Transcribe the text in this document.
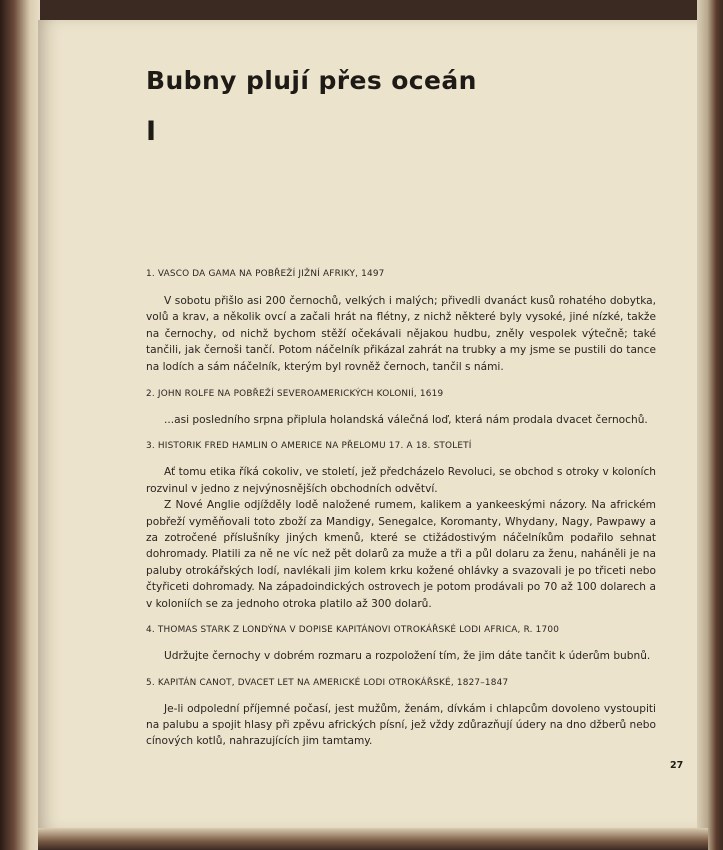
Bubny plují přes oceán
I

1. VASCO DA GAMA NA POBŘEŽÍ JIŽNÍ AFRIKY, 1497

V sobotu přišlo asi 200 černochů, velkých i malých; přivedli dvanáct kusů rohatého dobytka, volů a krav, a několik ovcí a začali hrát na flétny, z nichž některé byly vysoké, jiné nízké, takže na černochy, od nichž bychom stěží očekávali nějakou hudbu, zněly vespolek výtečně; také tančili, jak černoši tančí. Potom náčelník přikázal zahrát na trubky a my jsme se pustili do tance na lodích a sám náčelník, kterým byl rovněž černoch, tančil s námi.

2. JOHN ROLFE NA POBŘEŽÍ SEVEROAMERICKÝCH KOLONIÍ, 1619

...asi posledního srpna připlula holandská válečná loď, která nám prodala dvacet černochů.

3. HISTORIK FRED HAMLIN O AMERICE NA PŘELOMU 17. A 18. STOLETÍ

Ať tomu etika říká cokoliv, ve století, jež předcházelo Revoluci, se obchod s otroky v koloních rozvinul v jedno z nejvýnosnějších obchodních odvětví.

Z Nové Anglie odjížděly lodě naložené rumem, kalikem a yankeeskými názory. Na africkém pobřeží vyměňovali toto zboží za Mandigy, Senegalce, Koromanty, Whydany, Nagy, Pawpawy a za zotročené příslušníky jiných kmenů, které se ctižádostivým náčelníkům podařilo sehnat dohromady. Platili za ně ne víc než pět dolarů za muže a tři a půl dolaru za ženu, naháněli je na paluby otrokářských lodí, navlékali jim kolem krku kožené ohlávky a svazovali je po třiceti nebo čtyřiceti dohromady. Na západoindických ostrovech je potom prodávali po 70 až 100 dolarech a v koloniích se za jednoho otroka platilo až 300 dolarů.

4. THOMAS STARK Z LONDÝNA V DOPISE KAPITÁNOVI OTROKÁŘSKÉ LODI AFRICA, R. 1700

Udržujte černochy v dobrém rozmaru a rozpoložení tím, že jim dáte tančit k úderům bubnů.

5. KAPITÁN CANOT, DVACET LET NA AMERICKÉ LODI OTROKÁŘSKÉ, 1827–1847

Je-li odpolední příjemné počasí, jest mužům, ženám, dívkám i chlapcům dovoleno vystoupiti na palubu a spojit hlasy při zpěvu afrických písní, jež vždy zdůrazňují údery na dno džberů nebo cínových kotlů, nahrazujících jim tamtamy.

27
